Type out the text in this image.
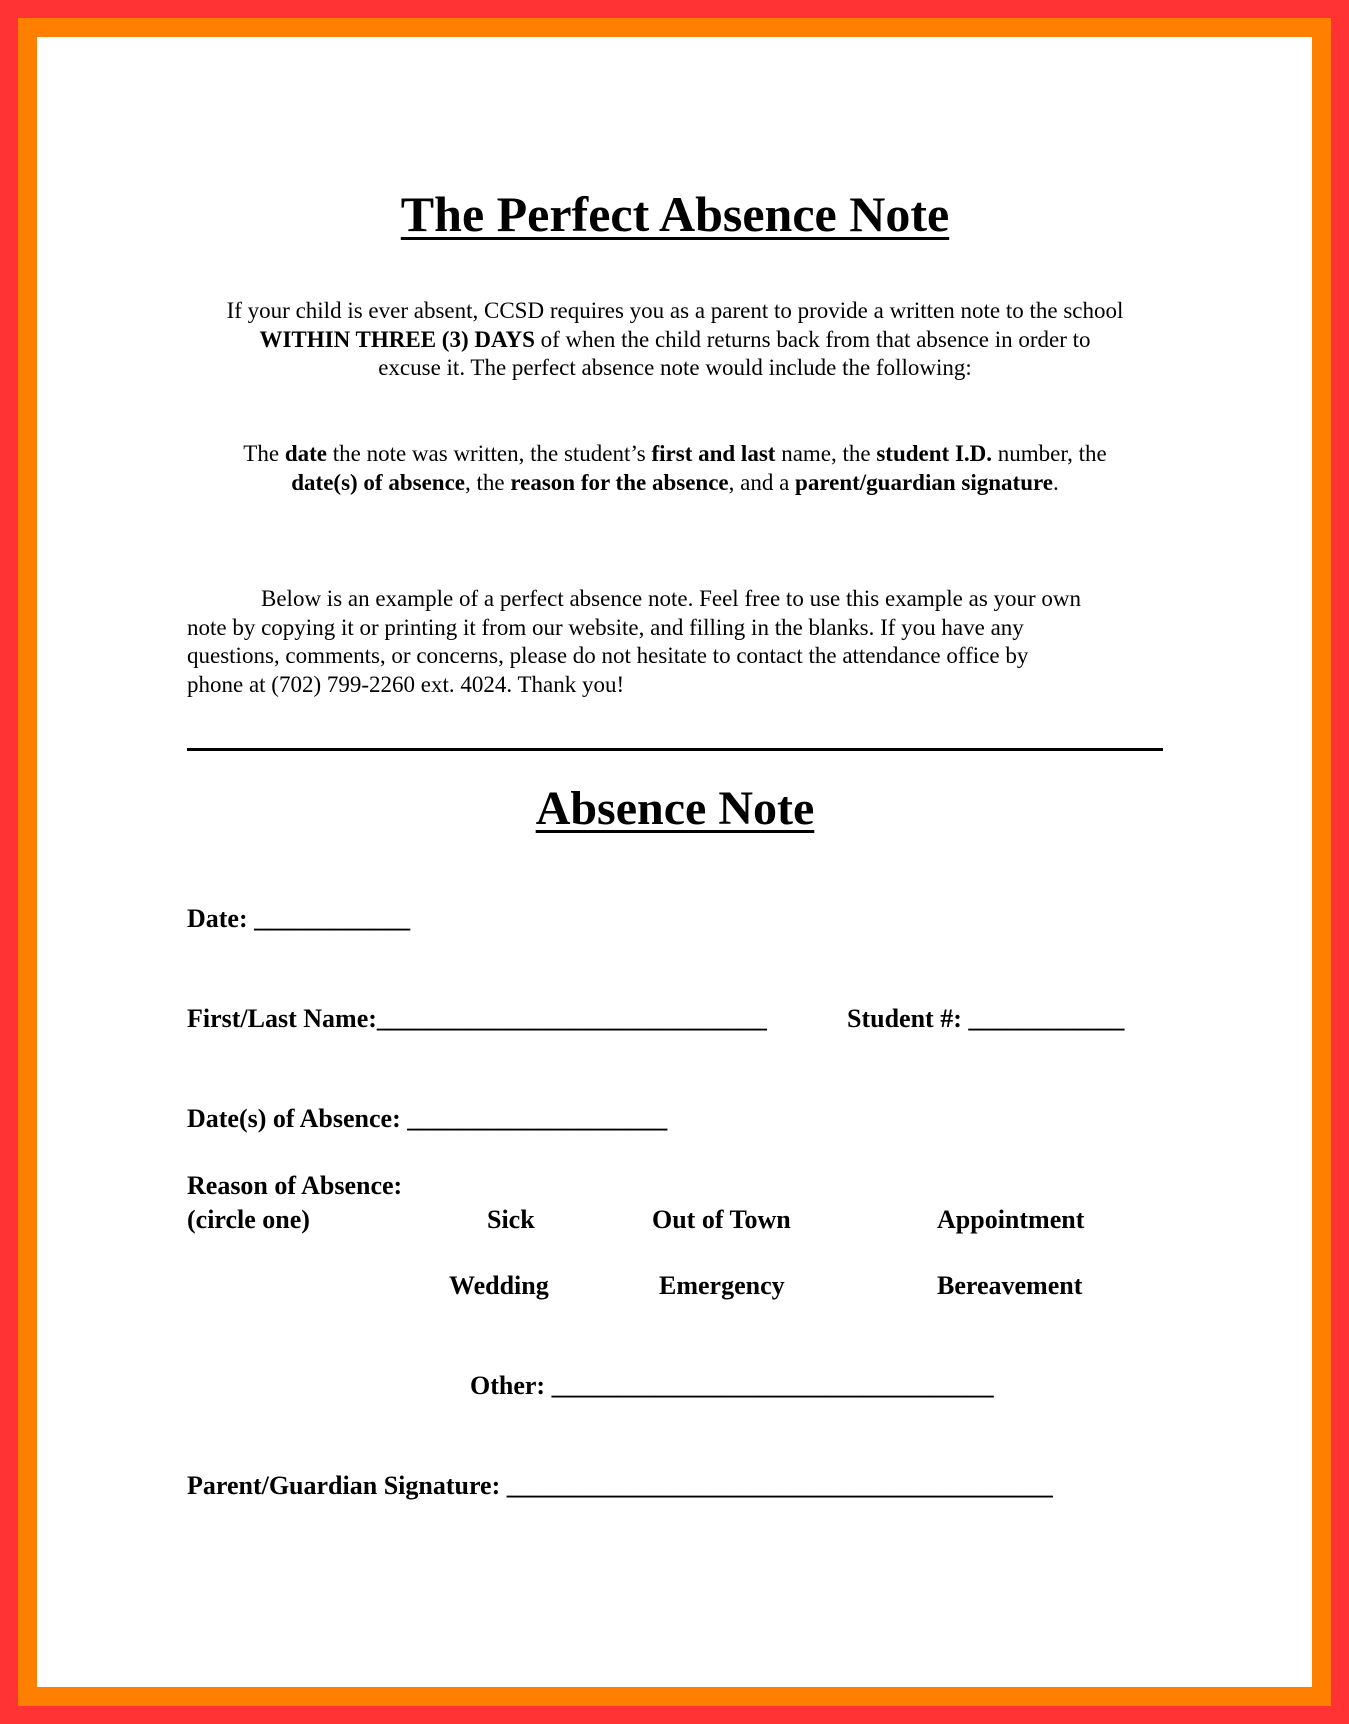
The Perfect Absence Note
If your child is ever absent, CCSD requires you as a parent to provide a written note to the school
WITHIN THREE (3) DAYS of when the child returns back from that absence in order to
excuse it. The perfect absence note would include the following:
The date the note was written, the student’s first and last name, the student I.D. number, the
date(s) of absence, the reason for the absence, and a parent/guardian signature.
Below is an example of a perfect absence note. Feel free to use this example as your own
note by copying it or printing it from our website, and filling in the blanks. If you have any
questions, comments, or concerns, please do not hesitate to contact the attendance office by
phone at (702) 799-2260 ext. 4024. Thank you!
Absence Note
Date: ____________
First/Last Name:______________________________	Student #: ____________
Date(s) of Absence: ____________________
Reason of Absence:
(circle one)	Sick	Out of Town	Appointment
Wedding	Emergency	Bereavement
Other: __________________________________
Parent/Guardian Signature: __________________________________________
